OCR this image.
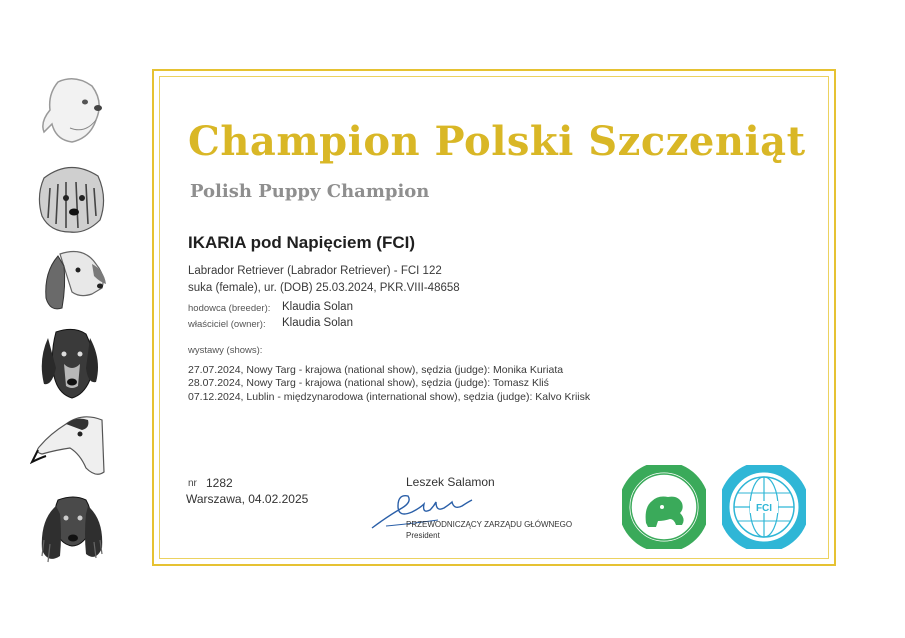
Champion Polski Szczeniąt
Polish Puppy Champion
IKARIA pod Napięciem (FCI)
Labrador Retriever (Labrador Retriever) - FCI 122
suka (female), ur. (DOB) 25.03.2024, PKR.VIII-48658
hodowca (breeder): Klaudia Solan
właściciel (owner): Klaudia Solan
wystawy (shows):
27.07.2024, Nowy Targ - krajowa (national show), sędzia (judge): Monika Kuriata
28.07.2024, Nowy Targ - krajowa (national show), sędzia (judge): Tomasz Kliś
07.12.2024, Lublin - międzynarodowa (international show), sędzia (judge): Kalvo Kriisk
nr 1282
Warszawa, 04.02.2025
Leszek Salamon
PRZEWODNICZĄCY ZARZĄDU GŁÓWNEGO
President
FCI
